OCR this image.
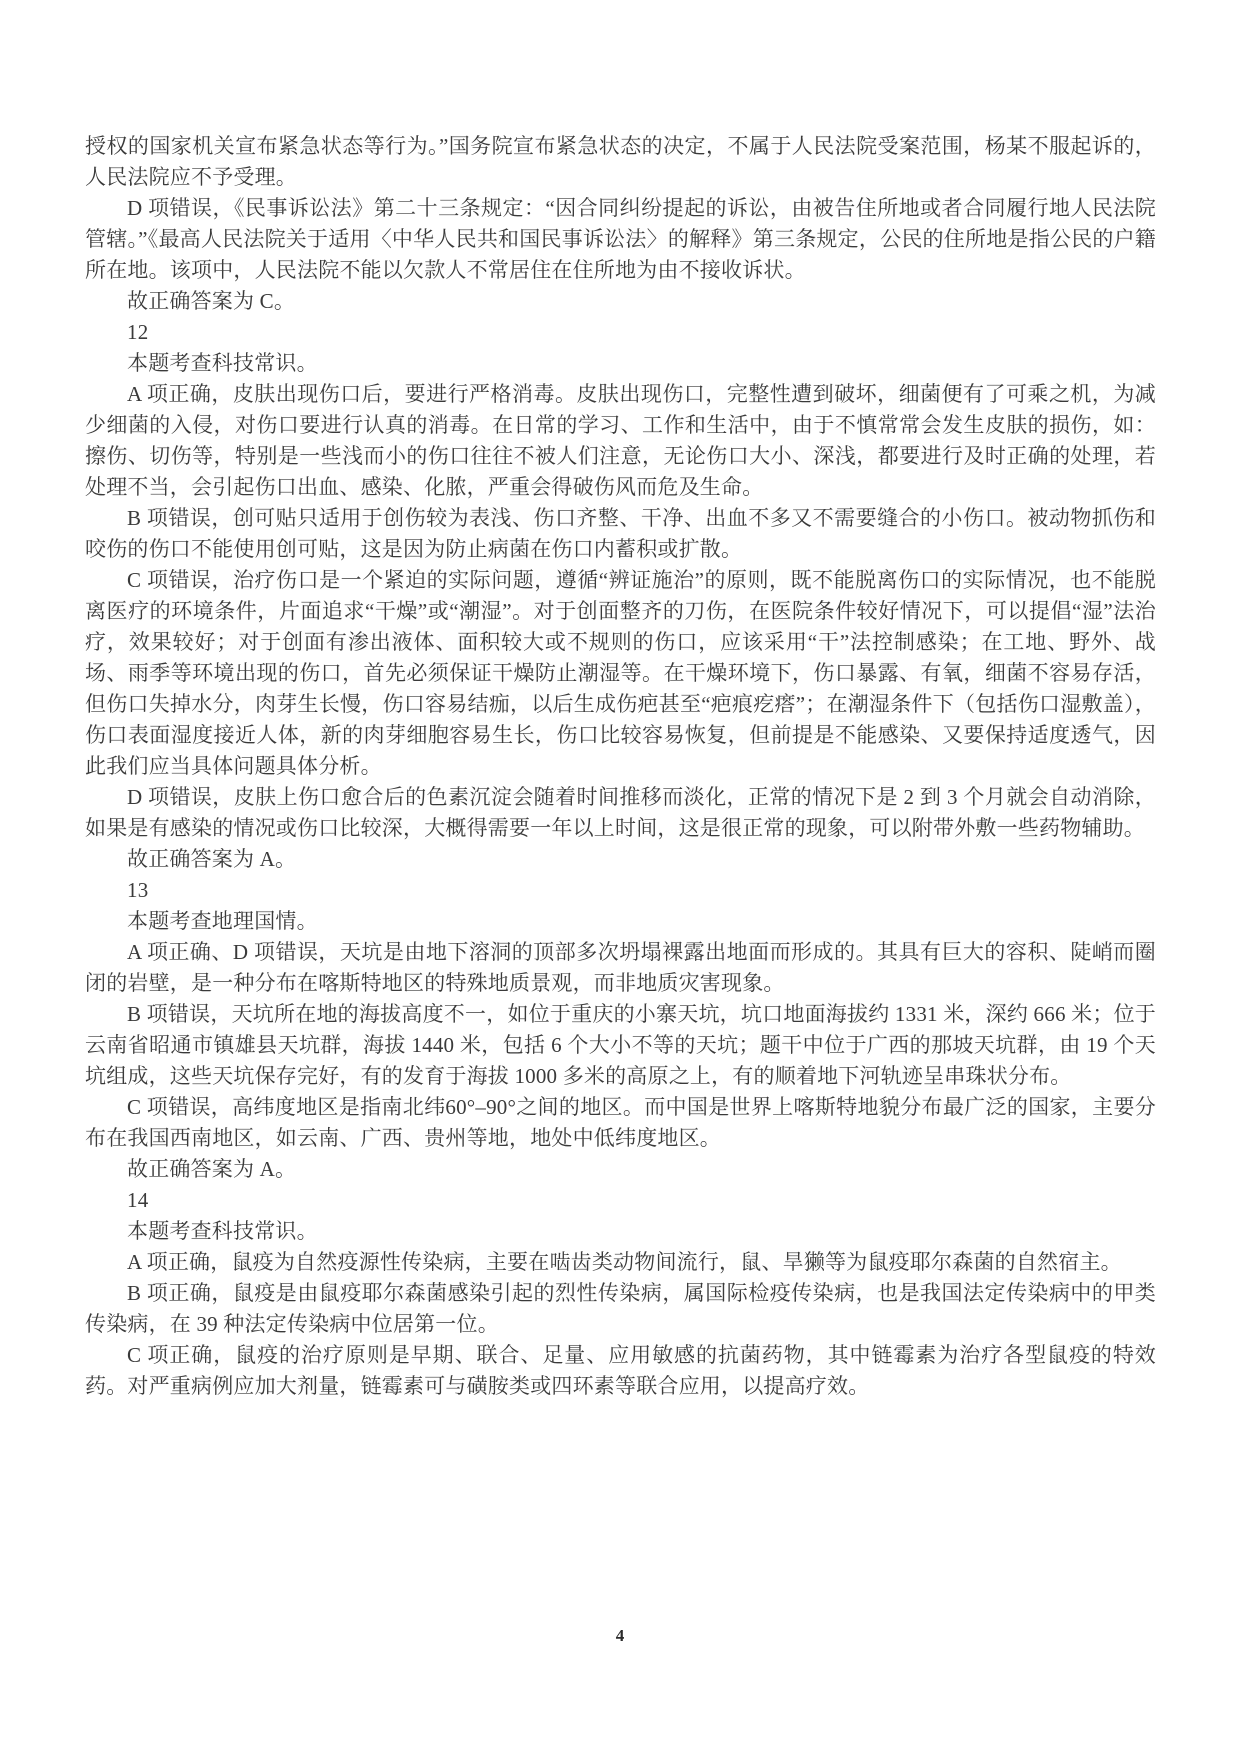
授权的国家机关宣布紧急状态等行为。”国务院宣布紧急状态的决定，不属于人民法院受案范围，杨某不服起诉的，人民法院应不予受理。

D 项错误，《民事诉讼法》第二十三条规定：“因合同纠纷提起的诉讼，由被告住所地或者合同履行地人民法院管辖。”《最高人民法院关于适用〈中华人民共和国民事诉讼法〉的解释》第三条规定，公民的住所地是指公民的户籍所在地。该项中，人民法院不能以欠款人不常居住在住所地为由不接收诉状。

故正确答案为 C。

12

本题考查科技常识。

A 项正确，皮肤出现伤口后，要进行严格消毒。皮肤出现伤口，完整性遭到破坏，细菌便有了可乘之机，为减少细菌的入侵，对伤口要进行认真的消毒。在日常的学习、工作和生活中，由于不慎常常会发生皮肤的损伤，如：擦伤、切伤等，特别是一些浅而小的伤口往往不被人们注意，无论伤口大小、深浅，都要进行及时正确的处理，若处理不当，会引起伤口出血、感染、化脓，严重会得破伤风而危及生命。

B 项错误，创可贴只适用于创伤较为表浅、伤口齐整、干净、出血不多又不需要缝合的小伤口。被动物抓伤和咬伤的伤口不能使用创可贴，这是因为防止病菌在伤口内蓄积或扩散。

C 项错误，治疗伤口是一个紧迫的实际问题，遵循“辨证施治”的原则，既不能脱离伤口的实际情况，也不能脱离医疗的环境条件，片面追求“干燥”或“潮湿”。对于创面整齐的刀伤，在医院条件较好情况下，可以提倡“湿”法治疗，效果较好；对于创面有渗出液体、面积较大或不规则的伤口，应该采用“干”法控制感染；在工地、野外、战场、雨季等环境出现的伤口，首先必须保证干燥防止潮湿等。在干燥环境下，伤口暴露、有氧，细菌不容易存活，但伤口失掉水分，肉芽生长慢，伤口容易结痂，以后生成伤疤甚至“疤痕疙瘩”；在潮湿条件下（包括伤口湿敷盖），伤口表面湿度接近人体，新的肉芽细胞容易生长，伤口比较容易恢复，但前提是不能感染、又要保持适度透气，因此我们应当具体问题具体分析。

D 项错误，皮肤上伤口愈合后的色素沉淀会随着时间推移而淡化，正常的情况下是 2 到 3 个月就会自动消除，如果是有感染的情况或伤口比较深，大概得需要一年以上时间，这是很正常的现象，可以附带外敷一些药物辅助。

故正确答案为 A。

13

本题考查地理国情。

A 项正确、D 项错误，天坑是由地下溶洞的顶部多次坍塌裸露出地面而形成的。其具有巨大的容积、陡峭而圈闭的岩壁，是一种分布在喀斯特地区的特殊地质景观，而非地质灾害现象。

B 项错误，天坑所在地的海拔高度不一，如位于重庆的小寨天坑，坑口地面海拔约 1331 米，深约 666 米；位于云南省昭通市镇雄县天坑群，海拔 1440 米，包括 6 个大小不等的天坑；题干中位于广西的那坡天坑群，由 19 个天坑组成，这些天坑保存完好，有的发育于海拔 1000 多米的高原之上，有的顺着地下河轨迹呈串珠状分布。

C 项错误，高纬度地区是指南北纬60°–90°之间的地区。而中国是世界上喀斯特地貌分布最广泛的国家，主要分布在我国西南地区，如云南、广西、贵州等地，地处中低纬度地区。

故正确答案为 A。

14

本题考查科技常识。

A 项正确，鼠疫为自然疫源性传染病，主要在啮齿类动物间流行，鼠、旱獭等为鼠疫耶尔森菌的自然宿主。

B 项正确，鼠疫是由鼠疫耶尔森菌感染引起的烈性传染病，属国际检疫传染病，也是我国法定传染病中的甲类传染病，在 39 种法定传染病中位居第一位。

C 项正确，鼠疫的治疗原则是早期、联合、足量、应用敏感的抗菌药物，其中链霉素为治疗各型鼠疫的特效药。对严重病例应加大剂量，链霉素可与磺胺类或四环素等联合应用，以提高疗效。

4
